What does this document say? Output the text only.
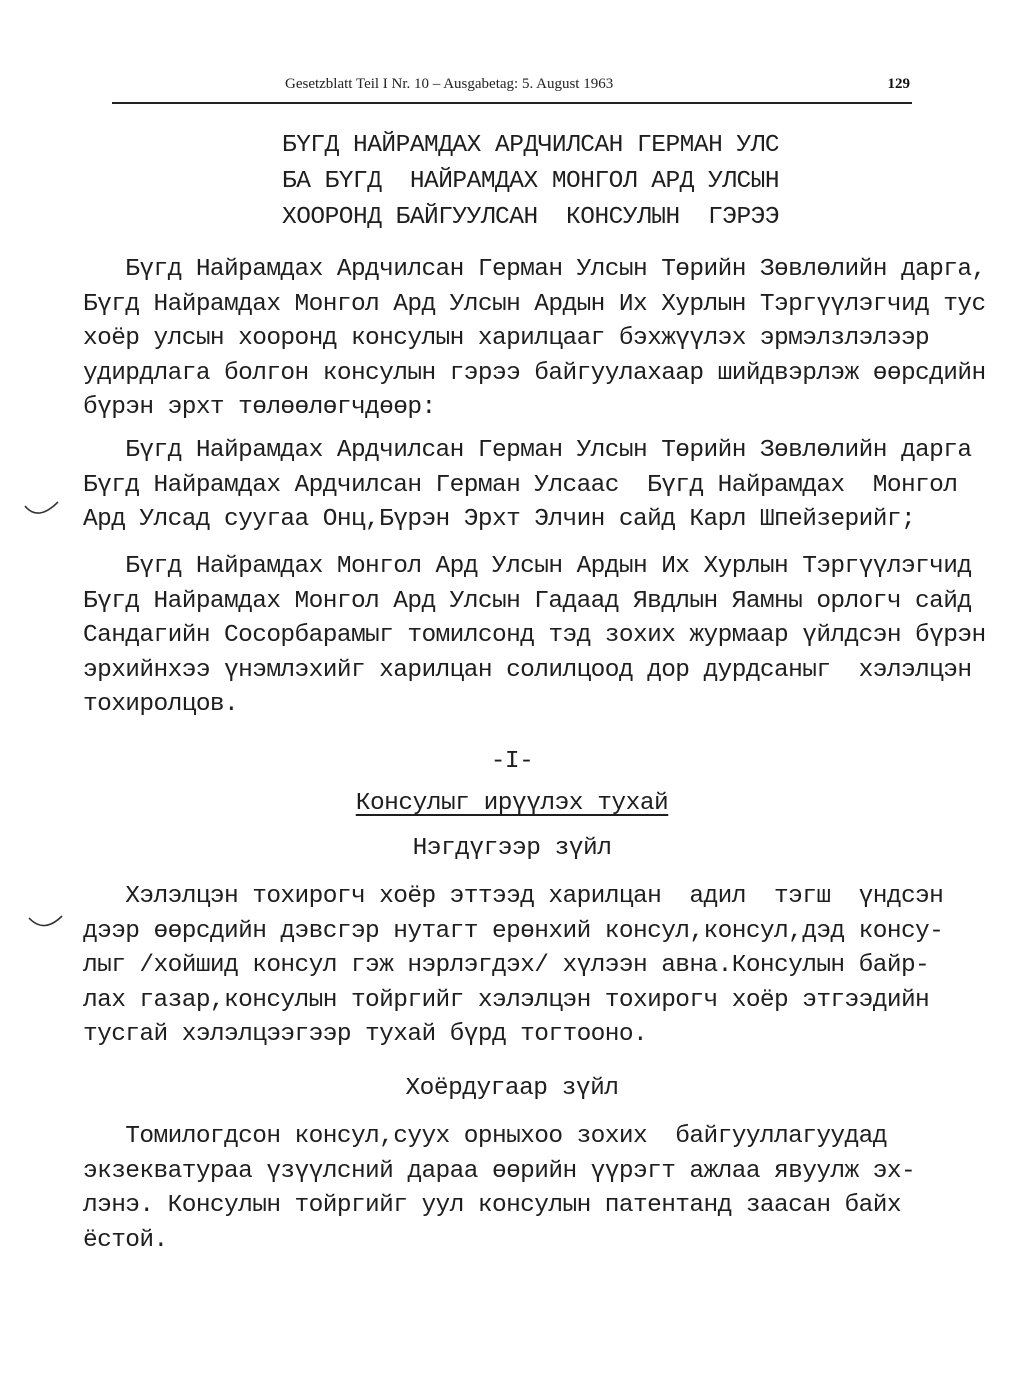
Gesetzblatt Teil I Nr. 10 – Ausgabetag: 5. August 1963	129
БҮГД НАЙРАМДАХ АРДЧИЛСАН ГЕРМАН УЛС
БА БҮГД  НАЙРАМДАХ МОНГОЛ АРД УЛСЫН
ХООРОНД БАЙГУУЛСАН  КОНСУЛЫН  ГЭРЭЭ
Бүгд Найрамдах Ардчилсан Герман Улсын Төрийн Зөвлөлийн дарга,
Бүгд Найрамдах Монгол Ард Улсын Ардын Их Хурлын Тэргүүлэгчид тус
хоёр улсын хооронд консулын харилцааг бэхжүүлэх эрмэлзлэлээр
удирдлага болгон консулын гэрээ байгуулахаар шийдвэрлэж өөрсдийн
бүрэн эрхт төлөөлөгчдөөр:
Бүгд Найрамдах Ардчилсан Герман Улсын Төрийн Зөвлөлийн дарга
Бүгд Найрамдах Ардчилсан Герман Улсаас  Бүгд Найрамдах  Монгол
Ард Улсад суугаа Онц,Бүрэн Эрхт Элчин сайд Карл Шпейзерийг;
Бүгд Найрамдах Монгол Ард Улсын Ардын Их Хурлын Тэргүүлэгчид
Бүгд Найрамдах Монгол Ард Улсын Гадаад Явдлын Яамны орлогч сайд
Сандагийн Сосорбарамыг томилсонд тэд зохих журмаар үйлдсэн бүрэн
эрхийнхээ үнэмлэхийг харилцан солилцоод дор дурдсаныг  хэлэлцэн
тохиролцов.
-I-
Консулыг иpүүлэх тухай
Нэгдүгээр зүйл
Хэлэлцэн тохирогч хоёр эттээд харилцан  адил  тэгш  үндсэн
дээр өөрсдийн дэвсгэр нутагт ерөнхий консул,консул,дэд консу-
лыг /хойшид консул гэж нэрлэгдэх/ хүлээн авна.Консулын байр-
лах газар,консулын тойргийг хэлэлцэн тохирогч хоёр этгээдийн
тусгай хэлэлцээгээр тухай бүрд тогтооно.
Хоёрдугаар зүйл
Томилогдсон консул,суух орныхоо зохих  байгууллагуудад
экзекватураа үзүүлсний дараа өөрийн үүрэгт ажлаа явуулж эх-
лэнэ. Консулын тойргийг уул консулын патентанд заасан байх
ёстой.
